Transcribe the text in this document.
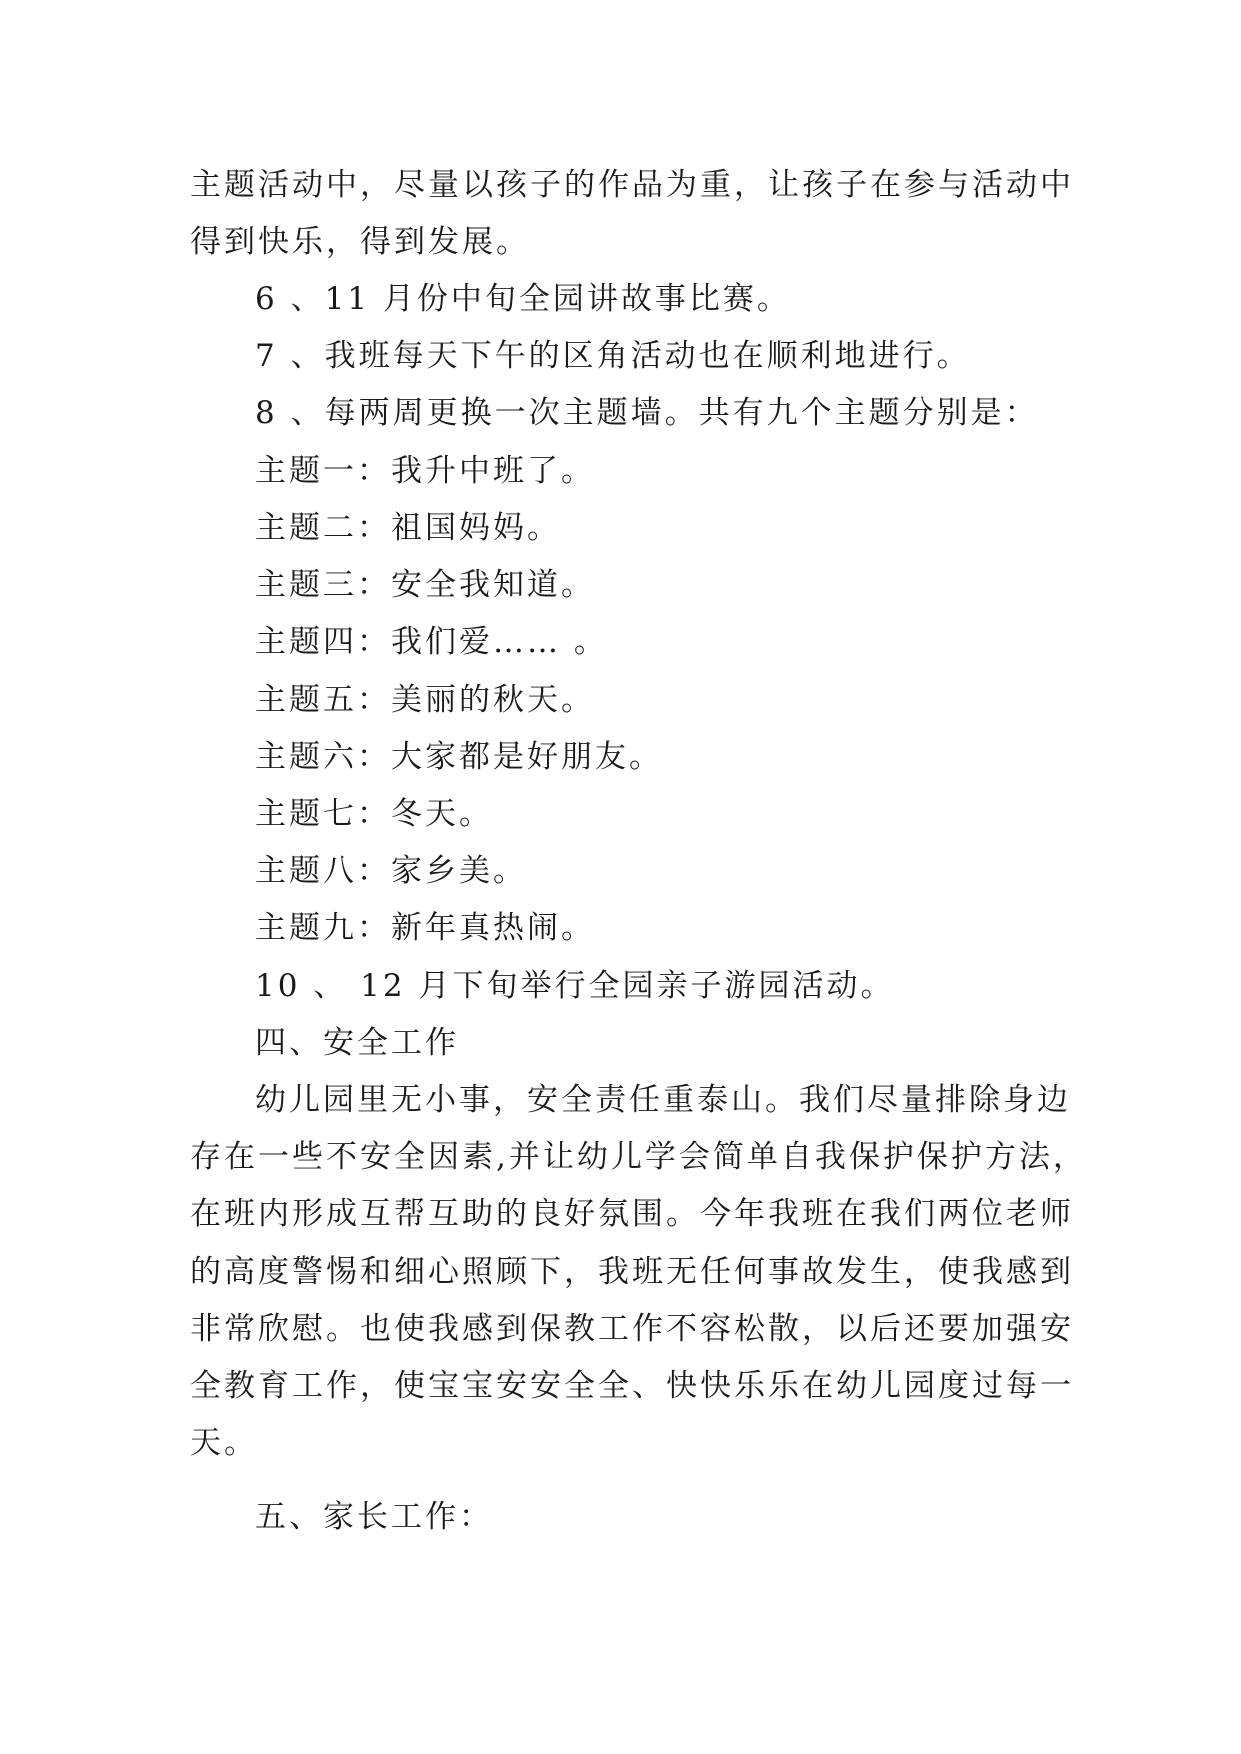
主题活动中，尽量以孩子的作品为重，让孩子在参与活动中
得到快乐，得到发展。
6 、11 月份中旬全园讲故事比赛。
7 、我班每天下午的区角活动也在顺利地进行。
8 、每两周更换一次主题墙。共有九个主题分别是：
主题一：我升中班了。
主题二：祖国妈妈。
主题三：安全我知道。
主题四：我们爱…… 。
主题五：美丽的秋天。
主题六：大家都是好朋友。
主题七：冬天。
主题八：家乡美。
主题九：新年真热闹。
10 、 12 月下旬举行全园亲子游园活动。
四、安全工作
幼儿园里无小事，安全责任重泰山。我们尽量排除身边
存在一些不安全因素,并让幼儿学会简单自我保护保护方法，
在班内形成互帮互助的良好氛围。今年我班在我们两位老师
的高度警惕和细心照顾下，我班无任何事故发生，使我感到
非常欣慰。也使我感到保教工作不容松散，以后还要加强安
全教育工作，使宝宝安安全全、快快乐乐在幼儿园度过每一
天。
五、家长工作：
